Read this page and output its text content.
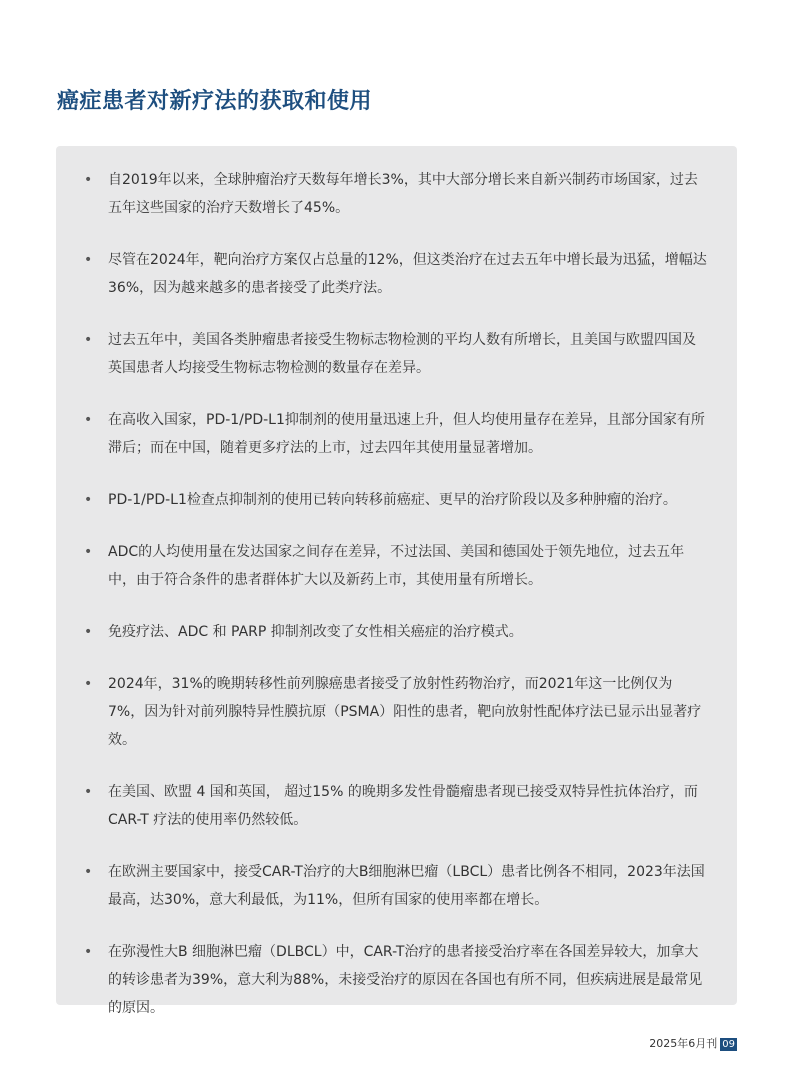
癌症患者对新疗法的获取和使用
• 自2019年以来，全球肿瘤治疗天数每年增长3%，其中大部分增长来自新兴制药市场国家，过去五年这些国家的治疗天数增长了45%。
• 尽管在2024年，靶向治疗方案仅占总量的12%，但这类治疗在过去五年中增长最为迅猛，增幅达36%，因为越来越多的患者接受了此类疗法。
• 过去五年中，美国各类肿瘤患者接受生物标志物检测的平均人数有所增长，且美国与欧盟四国及英国患者人均接受生物标志物检测的数量存在差异。
• 在高收入国家，PD-1/PD-L1抑制剂的使用量迅速上升，但人均使用量存在差异，且部分国家有所滞后；而在中国，随着更多疗法的上市，过去四年其使用量显著增加。
• PD-1/PD-L1检查点抑制剂的使用已转向转移前癌症、更早的治疗阶段以及多种肿瘤的治疗。
• ADC的人均使用量在发达国家之间存在差异，不过法国、美国和德国处于领先地位，过去五年中，由于符合条件的患者群体扩大以及新药上市，其使用量有所增长。
• 免疫疗法、ADC 和 PARP 抑制剂改变了女性相关癌症的治疗模式。
• 2024年，31%的晚期转移性前列腺癌患者接受了放射性药物治疗，而2021年这一比例仅为7%，因为针对前列腺特异性膜抗原（PSMA）阳性的患者，靶向放射性配体疗法已显示出显著疗效。
• 在美国、欧盟 4 国和英国， 超过15% 的晚期多发性骨髓瘤患者现已接受双特异性抗体治疗，而CAR-T 疗法的使用率仍然较低。
• 在欧洲主要国家中，接受CAR-T治疗的大B细胞淋巴瘤（LBCL）患者比例各不相同，2023年法国最高，达30%，意大利最低，为11%，但所有国家的使用率都在增长。
• 在弥漫性大B 细胞淋巴瘤（DLBCL）中，CAR-T治疗的患者接受治疗率在各国差异较大，加拿大的转诊患者为39%，意大利为88%，未接受治疗的原因在各国也有所不同，但疾病进展是最常见的原因。
2025年6月刊 09
